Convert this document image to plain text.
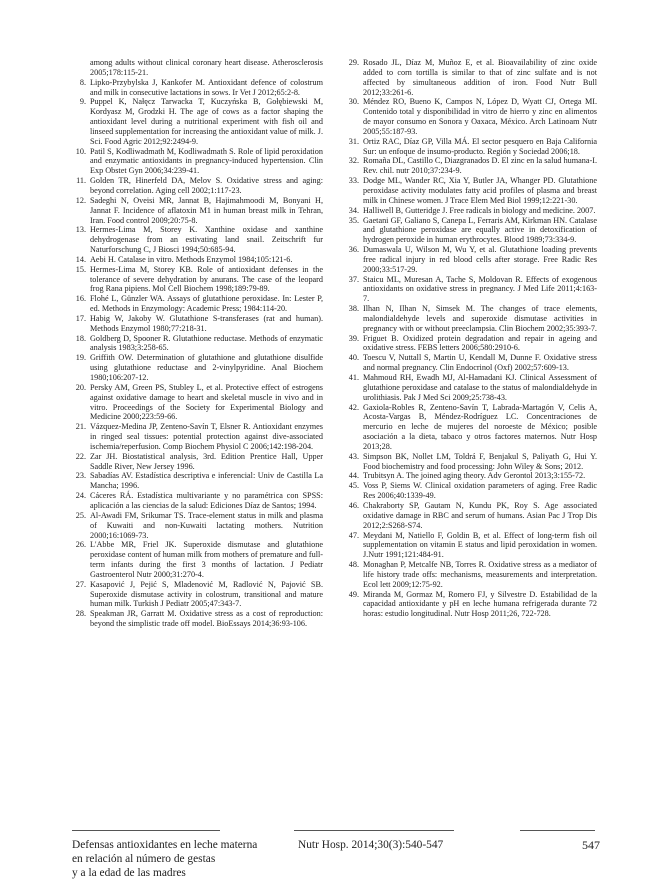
among adults without clinical coronary heart disease. Atherosclerosis 2005;178:115-21.
8. Lipko-Przybylska J, Kankofer M. Antioxidant defence of colostrum and milk in consecutive lactations in sows. Ir Vet J 2012;65:2-8.
9. Puppel K, Nałęcz Tarwacka T, Kuczyńska B, Gołębiewski M, Kordyasz M, Grodzki H. The age of cows as a factor shaping the antioxidant level during a nutritional experiment with fish oil and linseed supplementation for increasing the antioxidant value of milk. J. Sci. Food Agric 2012;92:2494-9.
10. Patil S, Kodliwadmath M, Kodliwadmath S. Role of lipid peroxidation and enzymatic antioxidants in pregnancy-induced hypertension. Clin Exp Obstet Gyn 2006;34:239-41.
11. Golden TR, Hinerfeld DA, Melov S. Oxidative stress and aging: beyond correlation. Aging cell 2002;1:117-23.
12. Sadeghi N, Oveisi MR, Jannat B, Hajimahmoodi M, Bonyani H, Jannat F. Incidence of aflatoxin M1 in human breast milk in Tehran, Iran. Food control 2009;20:75-8.
13. Hermes-Lima M, Storey K. Xanthine oxidase and xanthine dehydrogenase from an estivating land snail. Zeitschrift fur Naturforschung C, J Biosci 1994;50:685-94.
14. Aebi H. Catalase in vitro. Methods Enzymol 1984;105:121-6.
15. Hermes-Lima M, Storey KB. Role of antioxidant defenses in the tolerance of severe dehydration by anurans. The case of the leopard frog Rana pipiens. Mol Cell Biochem 1998;189:79-89.
16. Flohé L, Günzler WA. Assays of glutathione peroxidase. In: Lester P, ed. Methods in Enzymology: Academic Press; 1984:114-20.
17. Habig W, Jakoby W. Glutathione S-transferases (rat and human). Methods Enzymol 1980;77:218-31.
18. Goldberg D, Spooner R. Glutathione reductase. Methods of enzymatic analysis 1983;3:258-65.
19. Griffith OW. Determination of glutathione and glutathione disulfide using glutathione reductase and 2-vinylpyridine. Anal Biochem 1980;106:207-12.
20. Persky AM, Green PS, Stubley L, et al. Protective effect of estrogens against oxidative damage to heart and skeletal muscle in vivo and in vitro. Proceedings of the Society for Experimental Biology and Medicine 2000;223:59-66.
21. Vázquez-Medina JP, Zenteno-Savín T, Elsner R. Antioxidant enzymes in ringed seal tissues: potential protection against dive-associated ischemia/reperfusion. Comp Biochem Physiol C 2006;142:198-204.
22. Zar JH. Biostatistical analysis, 3rd. Edition Prentice Hall, Upper Saddle River, New Jersey 1996.
23. Sabadías AV. Estadística descriptiva e inferencial: Univ de Castilla La Mancha; 1996.
24. Cáceres RÁ. Estadística multivariante y no paramétrica con SPSS: aplicación a las ciencias de la salud: Ediciones Díaz de Santos; 1994.
25. Al-Awadi FM, Srikumar TS. Trace-element status in milk and plasma of Kuwaiti and non-Kuwaiti lactating mothers. Nutrition 2000;16:1069-73.
26. L'Abbe MR, Friel JK. Superoxide dismutase and glutathione peroxidase content of human milk from mothers of premature and full-term infants during the first 3 months of lactation. J Pediatr Gastroenterol Nutr 2000;31:270-4.
27. Kasapović J, Pejić S, Mladenović M, Radlović N, Pajović SB. Superoxide dismutase activity in colostrum, transitional and mature human milk. Turkish J Pediatr 2005;47:343-7.
28. Speakman JR, Garratt M. Oxidative stress as a cost of reproduction: beyond the simplistic trade off model. BioEssays 2014;36:93-106.
29. Rosado JL, Díaz M, Muñoz E, et al. Bioavailability of zinc oxide added to corn tortilla is similar to that of zinc sulfate and is not affected by simultaneous addition of iron. Food Nutr Bull 2012;33:261-6.
30. Méndez RO, Bueno K, Campos N, López D, Wyatt CJ, Ortega MI. Contenido total y disponibilidad in vitro de hierro y zinc en alimentos de mayor consumo en Sonora y Oaxaca, México. Arch Latinoam Nutr 2005;55:187-93.
31. Ortiz RAC, Díaz GP, Villa MÁ. El sector pesquero en Baja California Sur: un enfoque de insumo-producto. Región y Sociedad 2006;18.
32. Romaña DL, Castillo C, Diazgranados D. El zinc en la salud humana-I. Rev. chil. nutr 2010;37:234-9.
33. Dodge ML, Wander RC, Xia Y, Butler JA, Whanger PD. Glutathione peroxidase activity modulates fatty acid profiles of plasma and breast milk in Chinese women. J Trace Elem Med Biol 1999;12:221-30.
34. Halliwell B, Gutteridge J. Free radicals in biology and medicine. 2007.
35. Gaetani GF, Galiano S, Canepa L, Ferraris AM, Kirkman HN. Catalase and glutathione peroxidase are equally active in detoxification of hydrogen peroxide in human erythrocytes. Blood 1989;73:334-9.
36. Dumaswala U, Wilson M, Wu Y, et al. Glutathione loading prevents free radical injury in red blood cells after storage. Free Radic Res 2000;33:517-29.
37. Staicu ML, Muresan A, Tache S, Moldovan R. Effects of exogenous antioxidants on oxidative stress in pregnancy. J Med Life 2011;4:163-7.
38. Ilhan N, Ilhan N, Simsek M. The changes of trace elements, malondialdehyde levels and superoxide dismutase activities in pregnancy with or without preeclampsia. Clin Biochem 2002;35:393-7.
39. Friguet B. Oxidized protein degradation and repair in ageing and oxidative stress. FEBS letters 2006;580:2910-6.
40. Toescu V, Nuttall S, Martin U, Kendall M, Dunne F. Oxidative stress and normal pregnancy. Clin Endocrinol (Oxf) 2002;57:609-13.
41. Mahmoud RH, Ewadh MJ, Al-Hamadani KJ. Clinical Assessment of glutathione peroxidase and catalase to the status of malondialdehyde in urolithiasis. Pak J Med Sci 2009;25:738-43.
42. Gaxiola-Robles R, Zenteno-Savín T, Labrada-Martagón V, Celis A, Acosta-Vargas B, Méndez-Rodríguez LC. Concentraciones de mercurio en leche de mujeres del noroeste de México; posible asociación a la dieta, tabaco y otros factores maternos. Nutr Hosp 2013;28.
43. Simpson BK, Nollet LM, Toldrá F, Benjakul S, Paliyath G, Hui Y. Food biochemistry and food processing: John Wiley & Sons; 2012.
44. Trubitsyn A. The joined aging theory. Adv Gerontol 2013;3:155-72.
45. Voss P, Siems W. Clinical oxidation parameters of aging. Free Radic Res 2006;40:1339-49.
46. Chakraborty SP, Gautam N, Kundu PK, Roy S. Age associated oxidative damage in RBC and serum of humans. Asian Pac J Trop Dis 2012;2:S268-S74.
47. Meydani M, Natiello F, Goldin B, et al. Effect of long-term fish oil supplementation on vitamin E status and lipid peroxidation in women. J.Nutr 1991;121:484-91.
48. Monaghan P, Metcalfe NB, Torres R. Oxidative stress as a mediator of life history trade offs: mechanisms, measurements and interpretation. Ecol lett 2009;12:75-92.
49. Miranda M, Gormaz M, Romero FJ, y Silvestre D. Estabilidad de la capacidad antioxidante y pH en leche humana refrigerada durante 72 horas: estudio longitudinal. Nutr Hosp 2011;26, 722-728.
Defensas antioxidantes en leche materna
en relación al número de gestas
y a la edad de las madres
Nutr Hosp. 2014;30(3):540-547	547
